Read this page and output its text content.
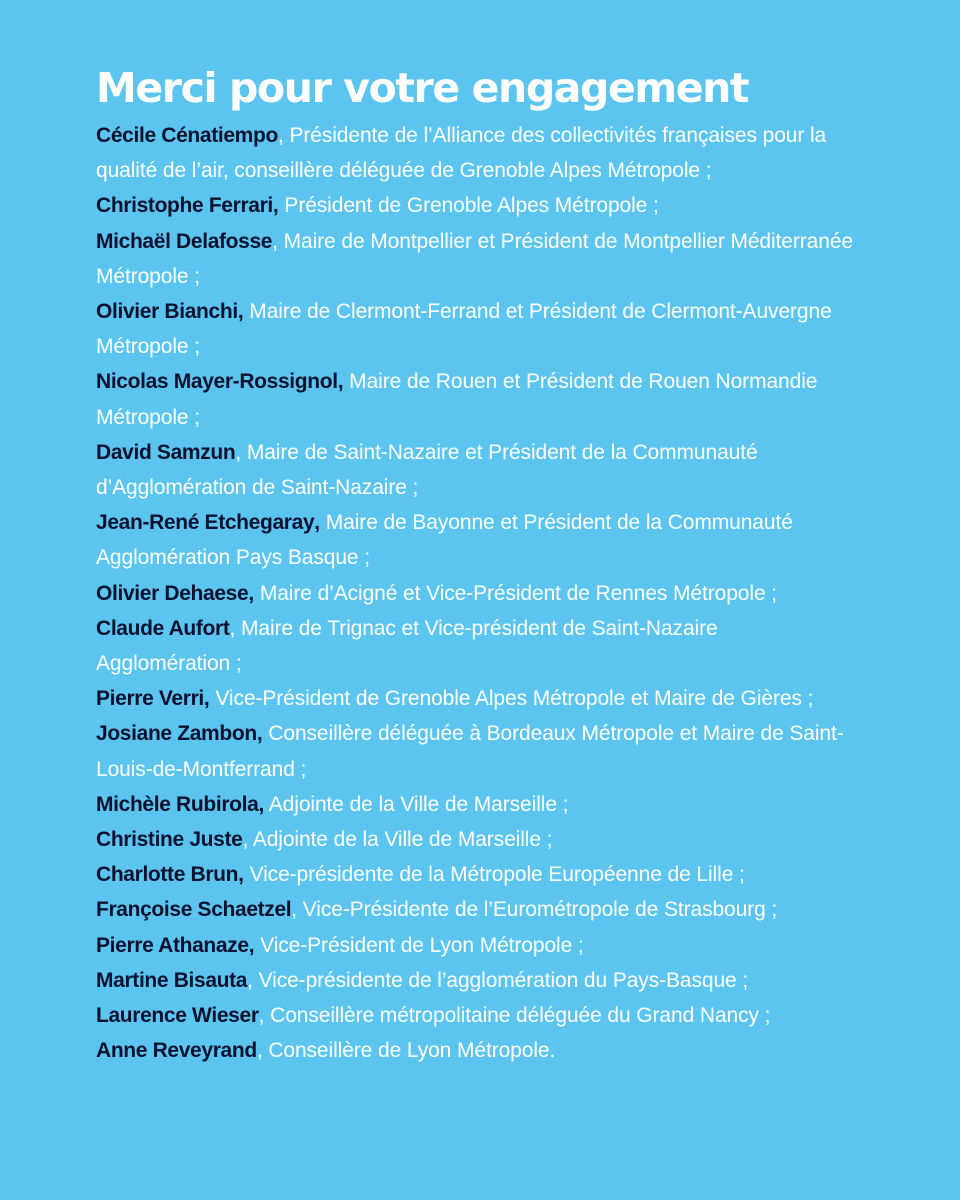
Merci pour votre engagement
Cécile Cénatiempo, Présidente de l’Alliance des collectivités françaises pour la qualité de l’air, conseillère déléguée de Grenoble Alpes Métropole ;
Christophe Ferrari, Président de Grenoble Alpes Métropole ;
Michaël Delafosse, Maire de Montpellier et Président de Montpellier Méditerranée Métropole ;
Olivier Bianchi, Maire de Clermont-Ferrand et Président de Clermont-Auvergne Métropole ;
Nicolas Mayer-Rossignol, Maire de Rouen et Président de Rouen Normandie Métropole ;
David Samzun, Maire de Saint-Nazaire et Président de la Communauté d’Agglomération de Saint-Nazaire ;
Jean-René Etchegaray, Maire de Bayonne et Président de la Communauté Agglomération Pays Basque ;
Olivier Dehaese, Maire d’Acigné et Vice-Président de Rennes Métropole ;
Claude Aufort, Maire de Trignac et Vice-président de Saint-Nazaire Agglomération ;
Pierre Verri, Vice-Président de Grenoble Alpes Métropole et Maire de Gières ;
Josiane Zambon, Conseillère déléguée à Bordeaux Métropole et Maire de Saint-Louis-de-Montferrand ;
Michèle Rubirola, Adjointe de la Ville de Marseille ;
Christine Juste, Adjointe de la Ville de Marseille ;
Charlotte Brun, Vice-présidente de la Métropole Européenne de Lille ;
Françoise Schaetzel, Vice-Présidente de l’Eurométropole de Strasbourg ;
Pierre Athanaze, Vice-Président de Lyon Métropole ;
Martine Bisauta, Vice-présidente de l’agglomération du Pays-Basque ;
Laurence Wieser, Conseillère métropolitaine déléguée du Grand Nancy ;
Anne Reveyrand, Conseillère de Lyon Métropole.
